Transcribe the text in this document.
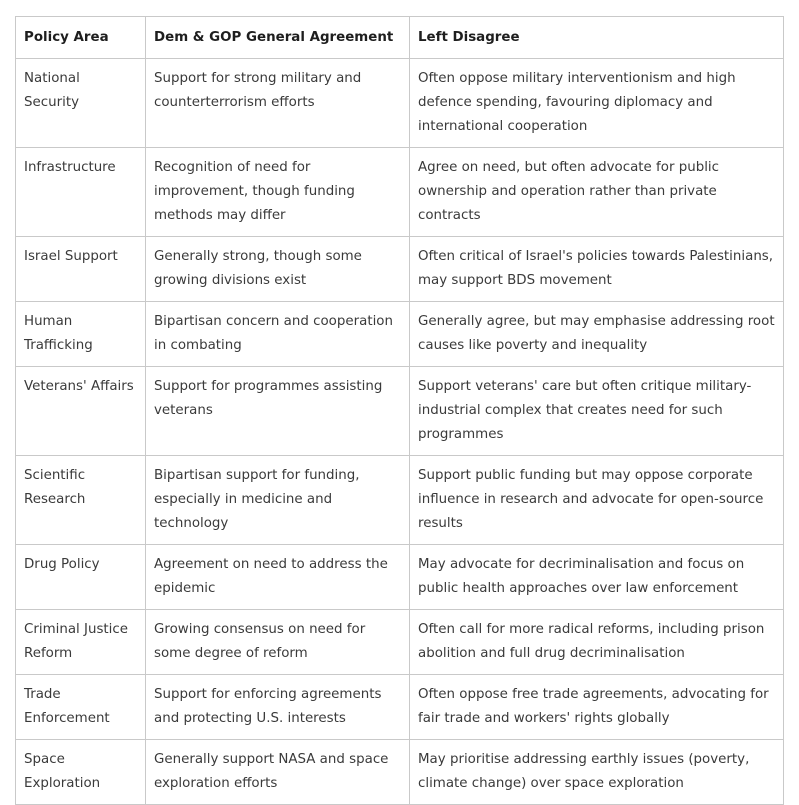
Policy Area	Dem & GOP General Agreement	Left Disagree
National Security	Support for strong military and counterterrorism efforts	Often oppose military interventionism and high defence spending, favouring diplomacy and international cooperation
Infrastructure	Recognition of need for improvement, though funding methods may differ	Agree on need, but often advocate for public ownership and operation rather than private contracts
Israel Support	Generally strong, though some growing divisions exist	Often critical of Israel's policies towards Palestinians, may support BDS movement
Human Trafficking	Bipartisan concern and cooperation in combating	Generally agree, but may emphasise addressing root causes like poverty and inequality
Veterans' Affairs	Support for programmes assisting veterans	Support veterans' care but often critique military-industrial complex that creates need for such programmes
Scientific Research	Bipartisan support for funding, especially in medicine and technology	Support public funding but may oppose corporate influence in research and advocate for open-source results
Drug Policy	Agreement on need to address the epidemic	May advocate for decriminalisation and focus on public health approaches over law enforcement
Criminal Justice Reform	Growing consensus on need for some degree of reform	Often call for more radical reforms, including prison abolition and full drug decriminalisation
Trade Enforcement	Support for enforcing agreements and protecting U.S. interests	Often oppose free trade agreements, advocating for fair trade and workers' rights globally
Space Exploration	Generally support NASA and space exploration efforts	May prioritise addressing earthly issues (poverty, climate change) over space exploration
